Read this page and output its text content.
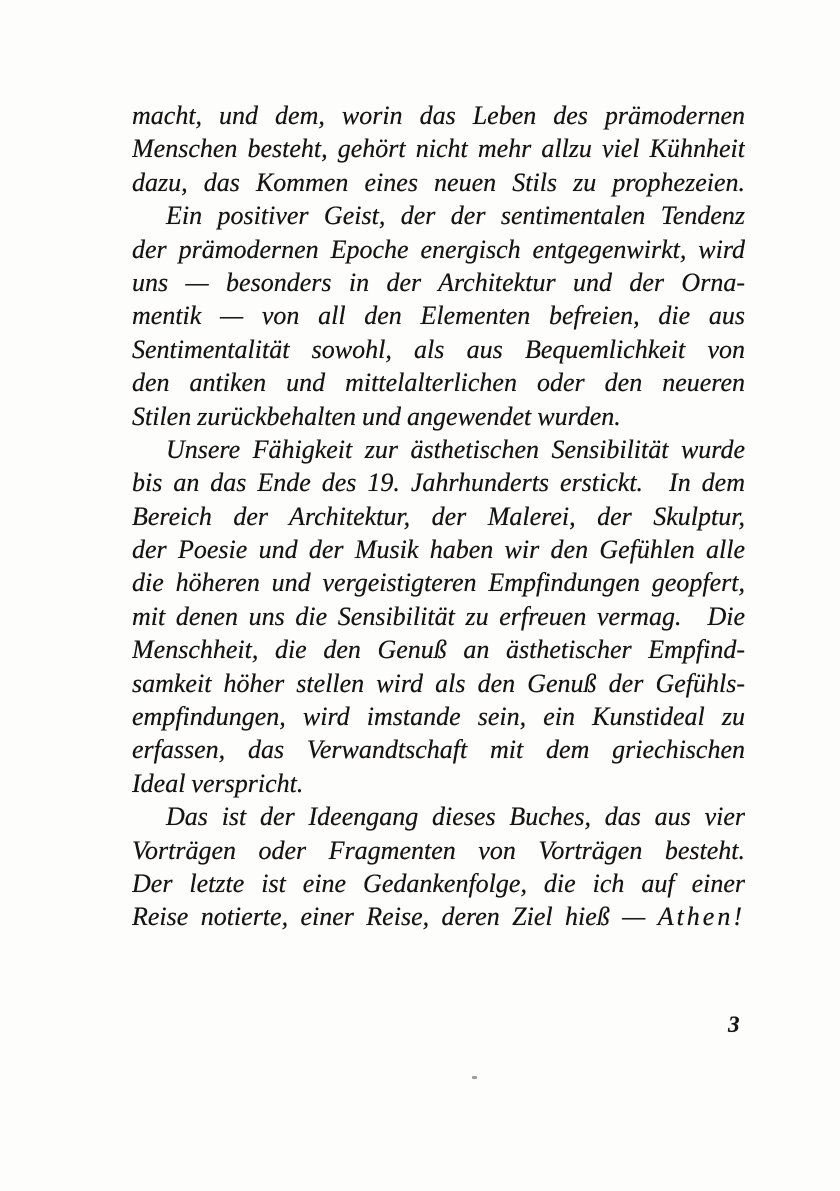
macht, und dem, worin das Leben des prämodernen
Menschen besteht, gehört nicht mehr allzu viel Kühnheit
dazu, das Kommen eines neuen Stils zu prophezeien.
Ein positiver Geist, der der sentimentalen Tendenz
der prämodernen Epoche energisch entgegenwirkt, wird
uns — besonders in der Architektur und der Orna-
mentik — von all den Elementen befreien, die aus
Sentimentalität sowohl, als aus Bequemlichkeit von
den antiken und mittelalterlichen oder den neueren
Stilen zurückbehalten und angewendet wurden.
Unsere Fähigkeit zur ästhetischen Sensibilität wurde
bis an das Ende des 19. Jahrhunderts erstickt. In dem
Bereich der Architektur, der Malerei, der Skulptur,
der Poesie und der Musik haben wir den Gefühlen alle
die höheren und vergeistigteren Empfindungen geopfert,
mit denen uns die Sensibilität zu erfreuen vermag. Die
Menschheit, die den Genuß an ästhetischer Empfind-
samkeit höher stellen wird als den Genuß der Gefühls-
empfindungen, wird imstande sein, ein Kunstideal zu
erfassen, das Verwandtschaft mit dem griechischen
Ideal verspricht.
Das ist der Ideengang dieses Buches, das aus vier
Vorträgen oder Fragmenten von Vorträgen besteht.
Der letzte ist eine Gedankenfolge, die ich auf einer
Reise notierte, einer Reise, deren Ziel hieß — Athen!
3
